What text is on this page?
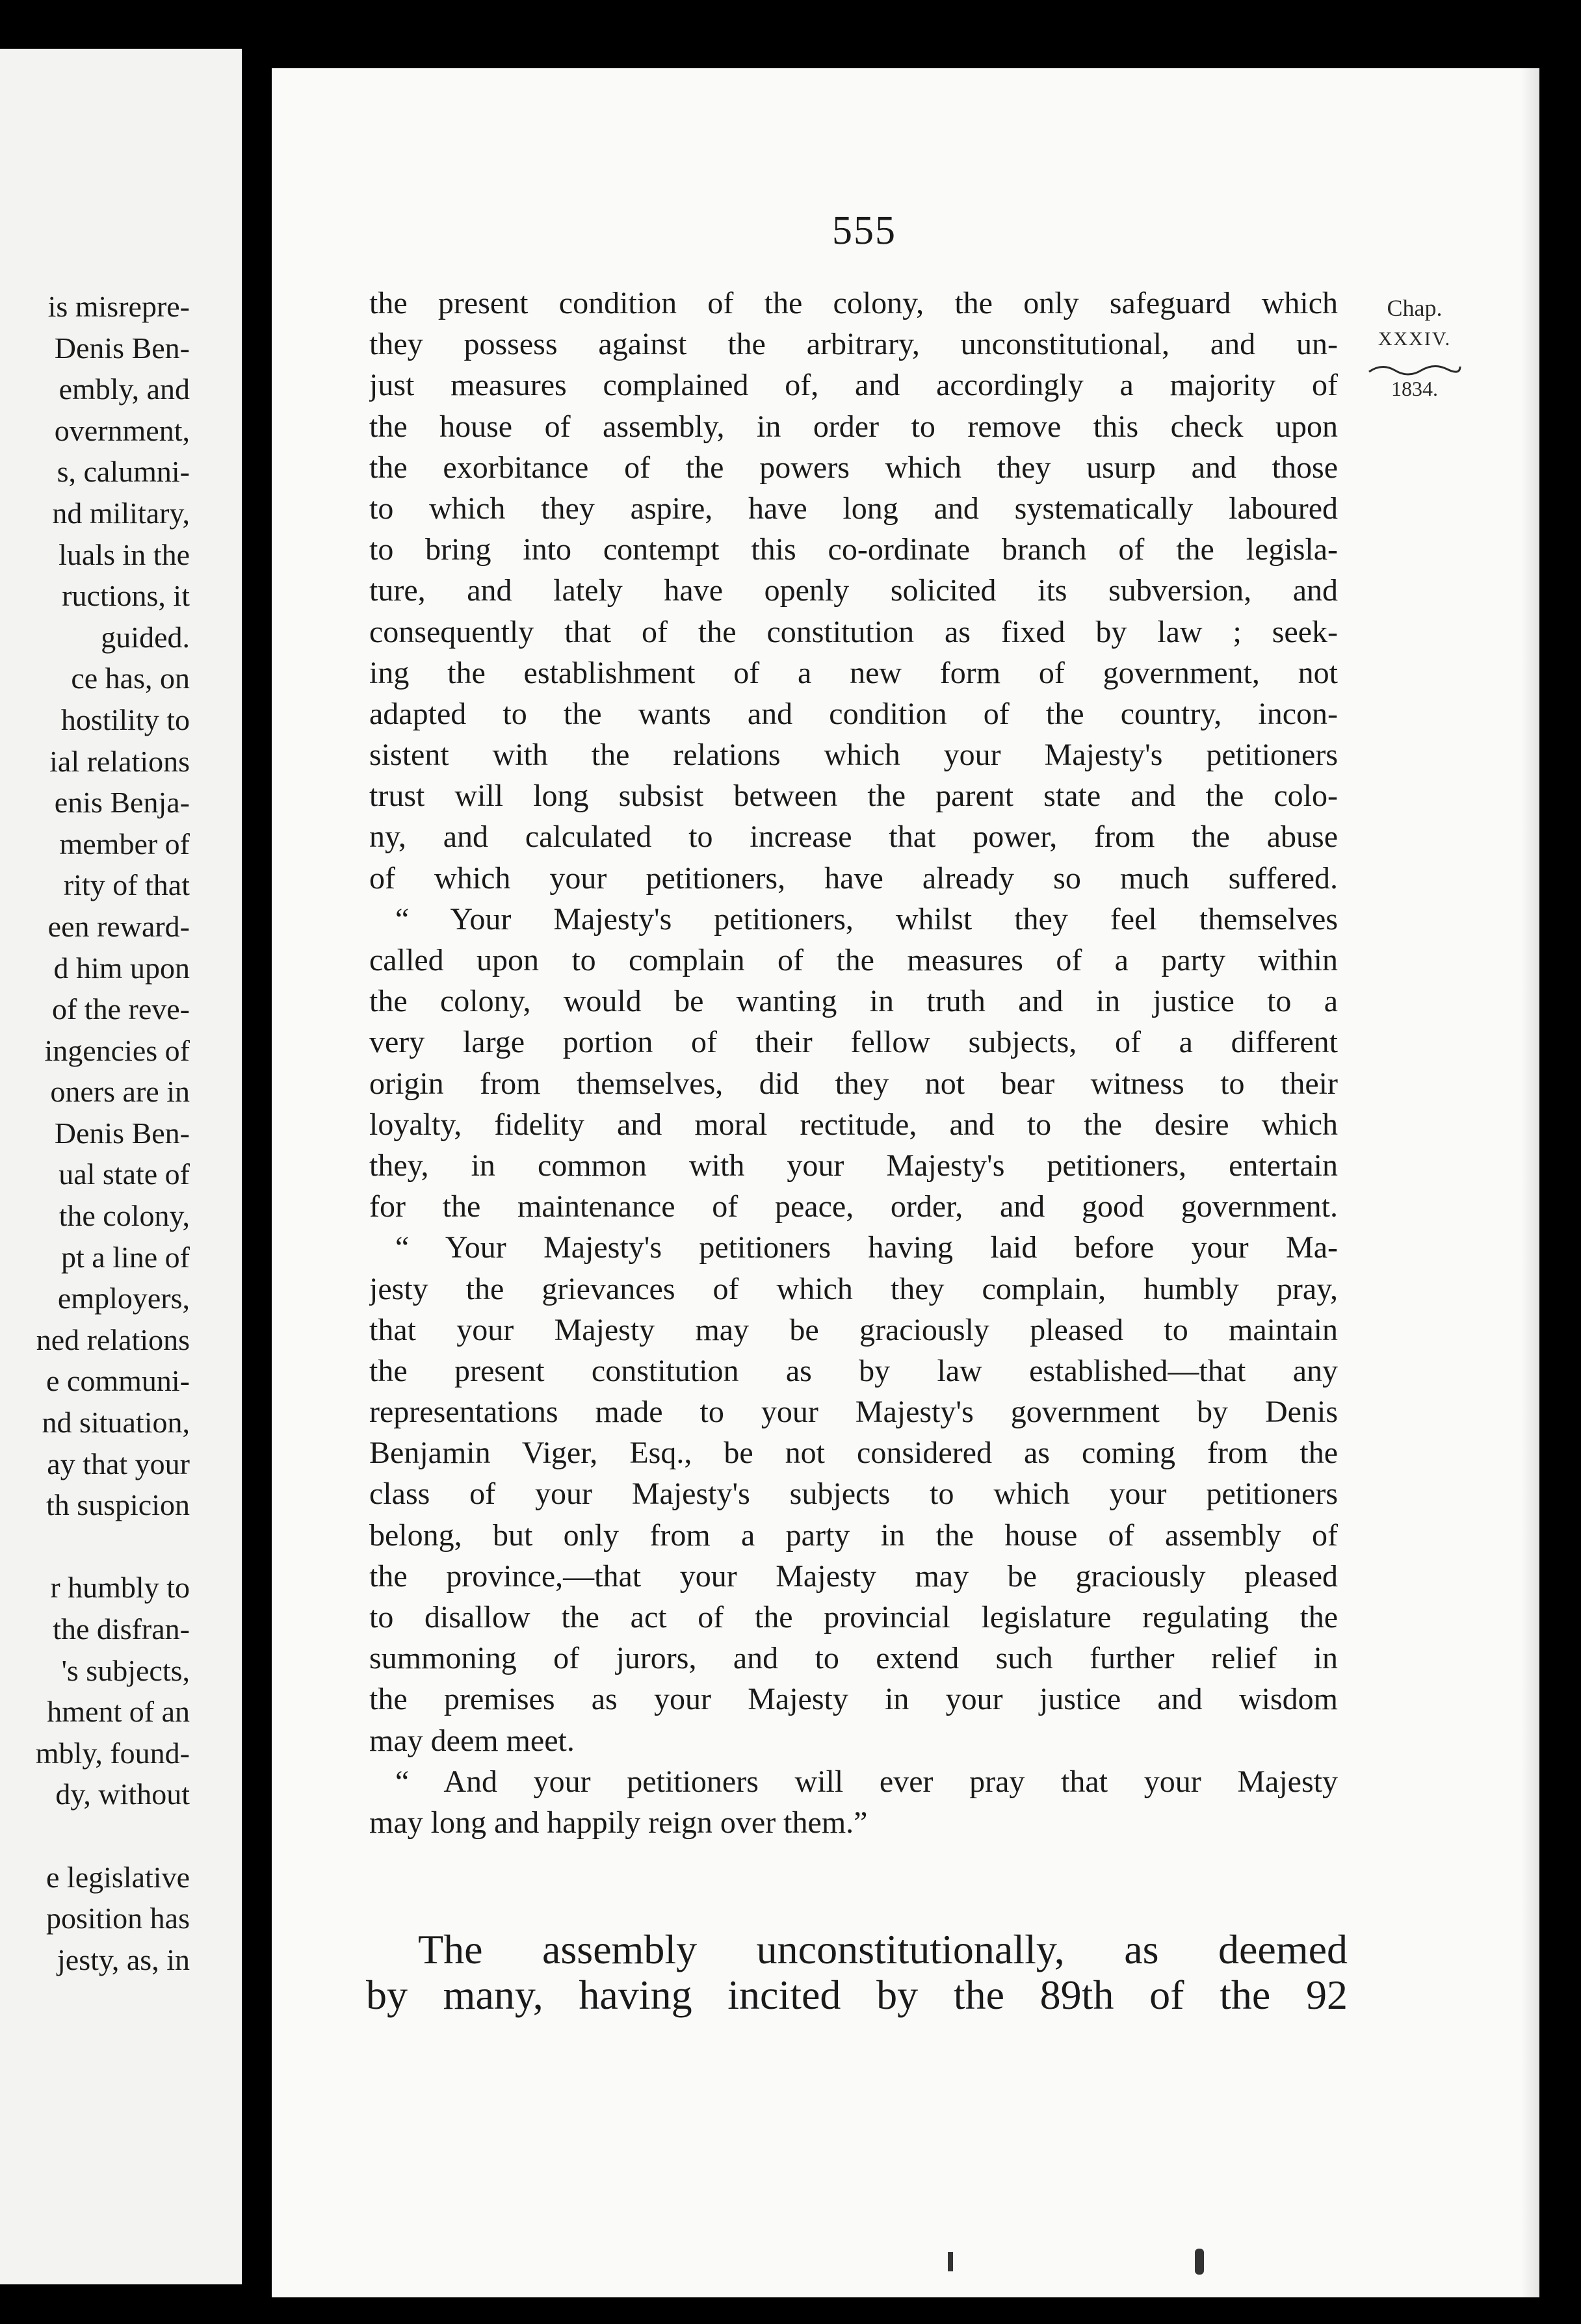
is misrepre-
Denis Ben-
embly, and
overnment,
s, calumni-
nd military,
luals in the
ructions, it
guided.
ce has, on
hostility to
ial relations
enis Benja-
member of
rity of that
een reward-
d him upon
of the reve-
ingencies of
oners are in
Denis Ben-
ual state of
the colony,
pt a line of
employers,
ned relations
e communi-
nd situation,
ay that your
th suspicion
r humbly to
the disfran-
's subjects,
hment of an
mbly, found-
dy, without
e legislative
position has
jesty, as, in
555
Chap.
XXXIV.
1834.
the present condition of the colony, the only safeguard which
they possess against the arbitrary, unconstitutional, and un-
just measures complained of, and accordingly a majority of
the house of assembly, in order to remove this check upon
the exorbitance of the powers which they usurp and those
to which they aspire, have long and systematically laboured
to bring into contempt this co-ordinate branch of the legisla-
ture, and lately have openly solicited its subversion, and
consequently that of the constitution as fixed by law ; seek-
ing the establishment of a new form of government, not
adapted to the wants and condition of the country, incon-
sistent with the relations which your Majesty's petitioners
trust will long subsist between the parent state and the colo-
ny, and calculated to increase that power, from the abuse
of which your petitioners, have already so much suffered.
“ Your Majesty's petitioners, whilst they feel themselves
called upon to complain of the measures of a party within
the colony, would be wanting in truth and in justice to a
very large portion of their fellow subjects, of a different
origin from themselves, did they not bear witness to their
loyalty, fidelity and moral rectitude, and to the desire which
they, in common with your Majesty's petitioners, entertain
for the maintenance of peace, order, and good government.
“ Your Majesty's petitioners having laid before your Ma-
jesty the grievances of which they complain, humbly pray,
that your Majesty may be graciously pleased to maintain
the present constitution as by law established—that any
representations made to your Majesty's government by Denis
Benjamin Viger, Esq., be not considered as coming from the
class of your Majesty's subjects to which your petitioners
belong, but only from a party in the house of assembly of
the province,—that your Majesty may be graciously pleased
to disallow the act of the provincial legislature regulating the
summoning of jurors, and to extend such further relief in
the premises as your Majesty in your justice and wisdom
may deem meet.
“ And your petitioners will ever pray that your Majesty
may long and happily reign over them.”
The assembly unconstitutionally, as deemed
by many, having incited by the 89th of the 92
